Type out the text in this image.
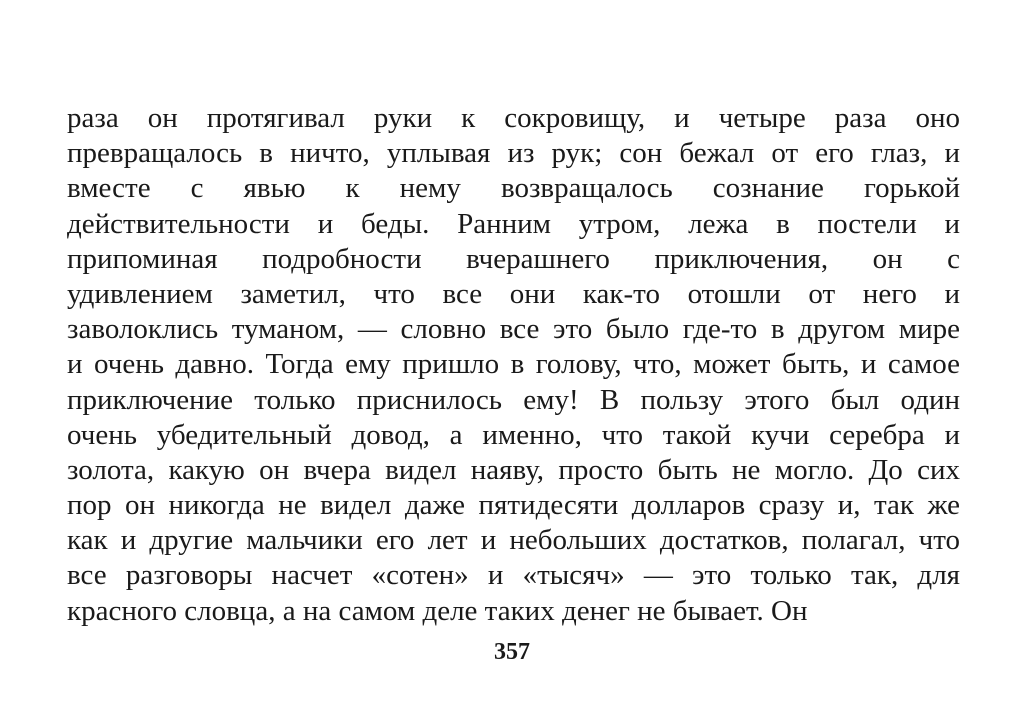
раза он протягивал руки к сокровищу, и четыре раза оно
превращалось в ничто, уплывая из рук; сон бежал от его глаз, и
вместе с явью к нему возвращалось сознание горькой
действительности и беды. Ранним утром, лежа в постели и
припоминая подробности вчерашнего приключения, он с
удивлением заметил, что все они как-то отошли от него и
заволоклись туманом, — словно все это было где-то в другом мире
и очень давно. Тогда ему пришло в голову, что, может быть, и самое
приключение только приснилось ему! В пользу этого был один
очень убедительный довод, а именно, что такой кучи серебра и
золота, какую он вчера видел наяву, просто быть не могло. До сих
пор он никогда не видел даже пятидесяти долларов сразу и, так же
как и другие мальчики его лет и небольших достатков, полагал, что
все разговоры насчет «сотен» и «тысяч» — это только так, для
красного словца, а на самом деле таких денег не бывает. Он
357
